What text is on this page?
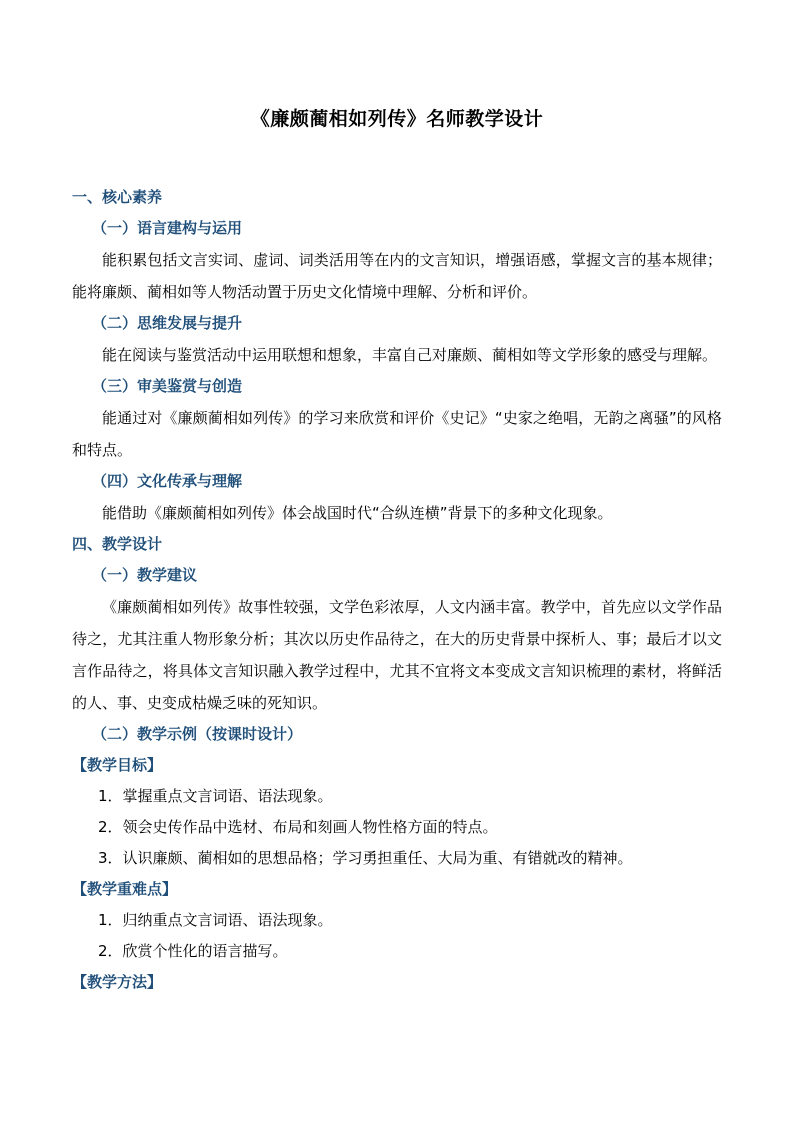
《廉颇蔺相如列传》名师教学设计
一、核心素养
（一）语言建构与运用

能积累包括文言实词、虚词、词类活用等在内的文言知识，增强语感，掌握文言的基本规律；能将廉颇、蔺相如等人物活动置于历史文化情境中理解、分析和评价。

（二）思维发展与提升

能在阅读与鉴赏活动中运用联想和想象，丰富自己对廉颇、蔺相如等文学形象的感受与理解。

（三）审美鉴赏与创造

能通过对《廉颇蔺相如列传》的学习来欣赏和评价《史记》“史家之绝唱，无韵之离骚”的风格和特点。

（四）文化传承与理解

能借助《廉颇蔺相如列传》体会战国时代“合纵连横”背景下的多种文化现象。

四、教学设计
（一）教学建议

《廉颇蔺相如列传》故事性较强，文学色彩浓厚，人文内涵丰富。教学中，首先应以文学作品待之，尤其注重人物形象分析；其次以历史作品待之，在大的历史背景中探析人、事；最后才以文言作品待之，将具体文言知识融入教学过程中，尤其不宜将文本变成文言知识梳理的素材，将鲜活的人、事、史变成枯燥乏味的死知识。

（二）教学示例（按课时设计）
【教学目标】
1．掌握重点文言词语、语法现象。
2．领会史传作品中选材、布局和刻画人物性格方面的特点。
3．认识廉颇、蔺相如的思想品格；学习勇担重任、大局为重、有错就改的精神。
【教学重难点】
1．归纳重点文言词语、语法现象。
2．欣赏个性化的语言描写。
【教学方法】
